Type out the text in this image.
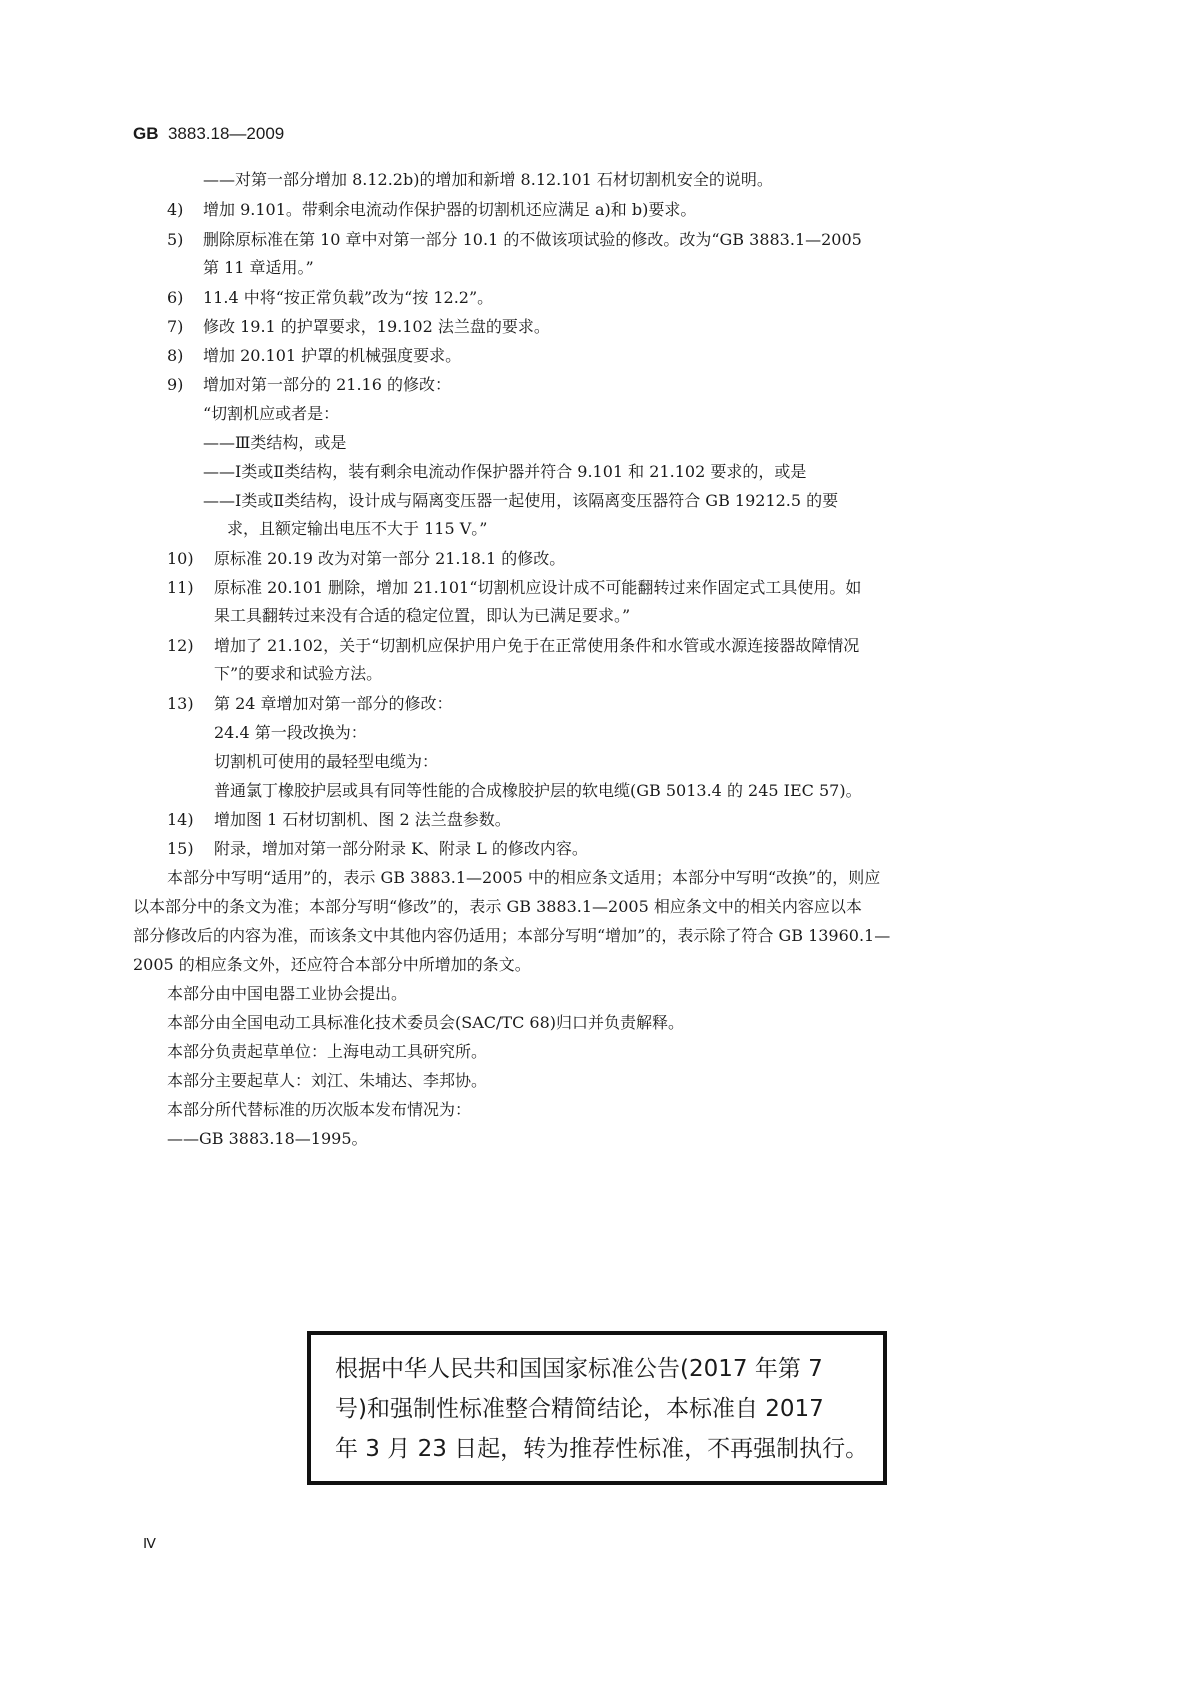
GB 3883.18—2009
——对第一部分增加 8.12.2b)的增加和新增 8.12.101 石材切割机安全的说明。
4) 增加 9.101。带剩余电流动作保护器的切割机还应满足 a)和 b)要求。
5) 删除原标准在第 10 章中对第一部分 10.1 的不做该项试验的修改。改为“GB 3883.1—2005
第 11 章适用。”
6) 11.4 中将“按正常负载”改为“按 12.2”。
7) 修改 19.1 的护罩要求，19.102 法兰盘的要求。
8) 增加 20.101 护罩的机械强度要求。
9) 增加对第一部分的 21.16 的修改：
“切割机应或者是：
——Ⅲ类结构，或是
——Ⅰ类或Ⅱ类结构，装有剩余电流动作保护器并符合 9.101 和 21.102 要求的，或是
——Ⅰ类或Ⅱ类结构，设计成与隔离变压器一起使用，该隔离变压器符合 GB 19212.5 的要
求，且额定输出电压不大于 115 V。”
10) 原标准 20.19 改为对第一部分 21.18.1 的修改。
11) 原标准 20.101 删除，增加 21.101“切割机应设计成不可能翻转过来作固定式工具使用。如
果工具翻转过来没有合适的稳定位置，即认为已满足要求。”
12) 增加了 21.102，关于“切割机应保护用户免于在正常使用条件和水管或水源连接器故障情况
下”的要求和试验方法。
13) 第 24 章增加对第一部分的修改：
24.4 第一段改换为：
切割机可使用的最轻型电缆为：
普通氯丁橡胶护层或具有同等性能的合成橡胶护层的软电缆(GB 5013.4 的 245 IEC 57)。
14) 增加图 1 石材切割机、图 2 法兰盘参数。
15) 附录，增加对第一部分附录 K、附录 L 的修改内容。
本部分中写明“适用”的，表示 GB 3883.1—2005 中的相应条文适用；本部分中写明“改换”的，则应
以本部分中的条文为准；本部分写明“修改”的，表示 GB 3883.1—2005 相应条文中的相关内容应以本
部分修改后的内容为准，而该条文中其他内容仍适用；本部分写明“增加”的，表示除了符合 GB 13960.1—
2005 的相应条文外，还应符合本部分中所增加的条文。
本部分由中国电器工业协会提出。
本部分由全国电动工具标准化技术委员会(SAC/TC 68)归口并负责解释。
本部分负责起草单位：上海电动工具研究所。
本部分主要起草人：刘江、朱埔达、李邦协。
本部分所代替标准的历次版本发布情况为：
——GB 3883.18—1995。
根据中华人民共和国国家标准公告(2017 年第 7
号)和强制性标准整合精简结论，本标准自 2017
年 3 月 23 日起，转为推荐性标准，不再强制执行。
Ⅳ
